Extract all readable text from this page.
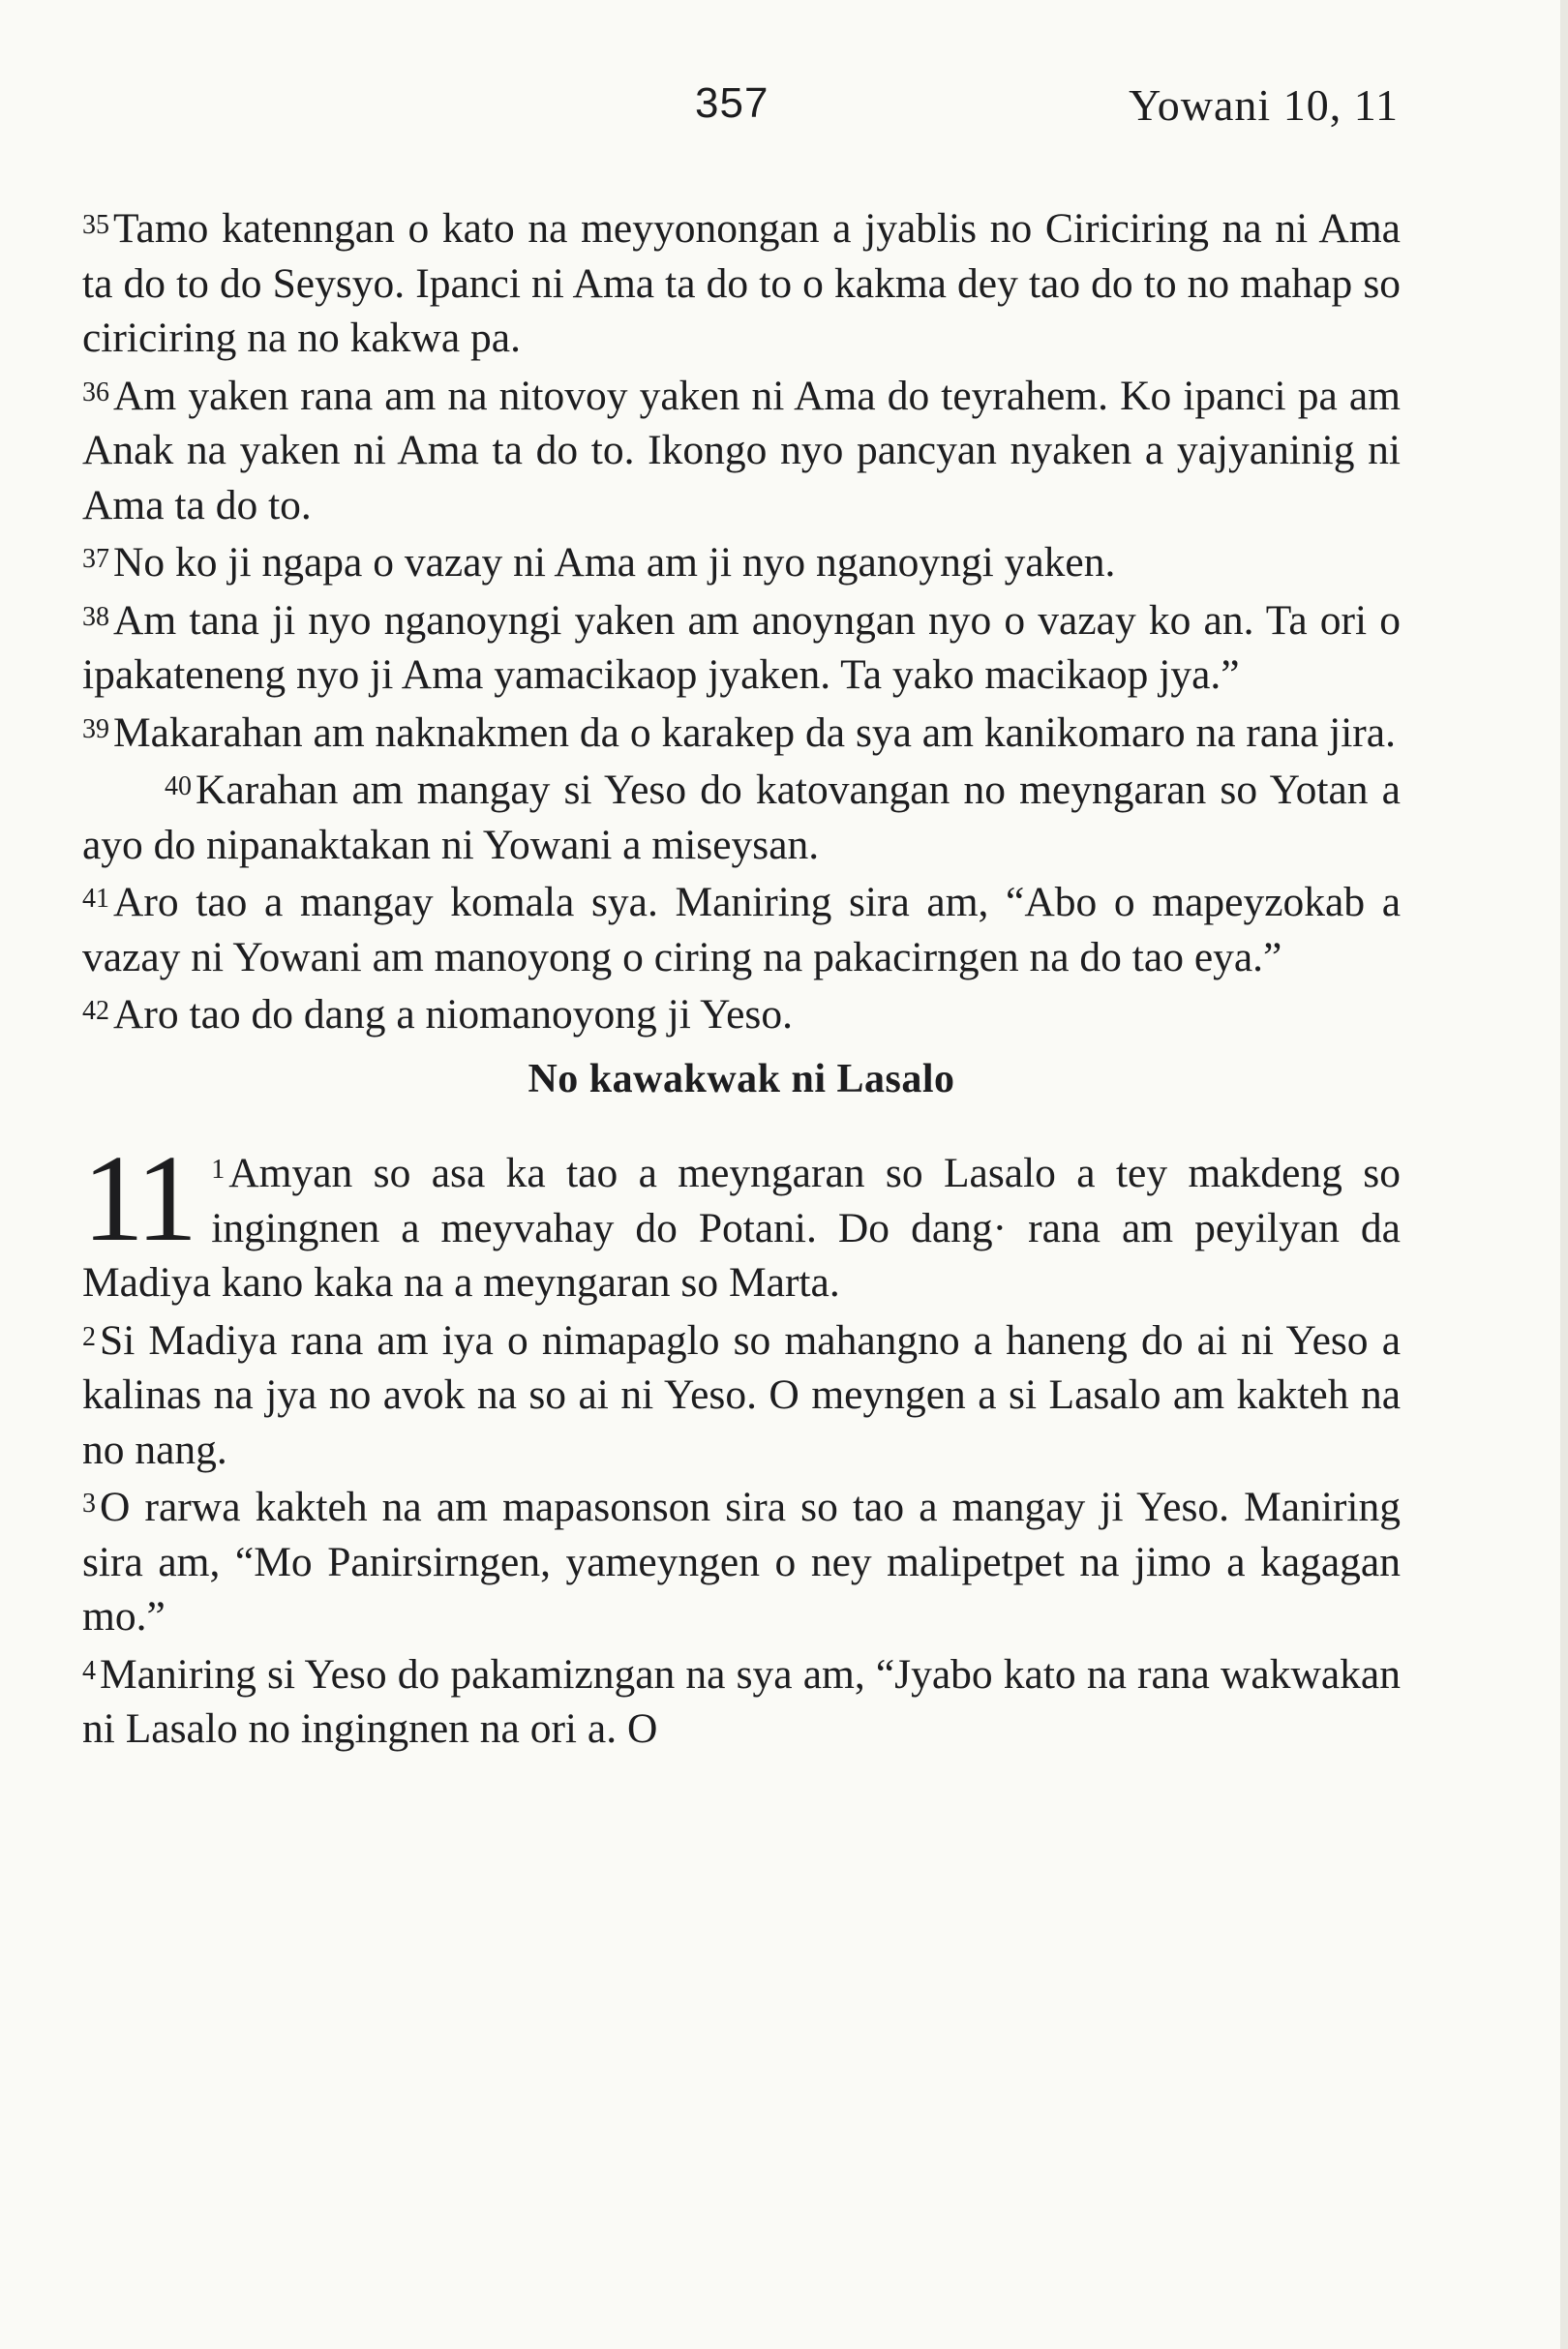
357	Yowani 10, 11

$^{35}$Tamo katenngan o kato na meyyonongan a jyablis no Ciriciring na ni Ama ta do to do Seysyo. Ipanci ni Ama ta do to o kakma dey tao do to no mahap so ciriciring na no kakwa pa.

$^{36}$Am yaken rana am na nitovoy yaken ni Ama do teyrahem. Ko ipanci pa am Anak na yaken ni Ama ta do to. Ikongo nyo pancyan nyaken a yajyaninig ni Ama ta do to.

$^{37}$No ko ji ngapa o vazay ni Ama am ji nyo nganoyngi yaken.

$^{38}$Am tana ji nyo nganoyngi yaken am anoyngan nyo o vazay ko an. Ta ori o ipakateneng nyo ji Ama yamacikaop jyaken. Ta yako macikaop jya.”

$^{39}$Makarahan am naknakmen da o karakep da sya am kanikomaro na rana jira.

$^{40}$Karahan am mangay si Yeso do katovangan no meyngaran so Yotan a ayo do nipanaktakan ni Yowani a miseysan.

$^{41}$Aro tao a mangay komala sya. Maniring sira am, “Abo o mapeyzokab a vazay ni Yowani am manoyong o ciring na pakacirngen na do tao eya.”

$^{42}$Aro tao do dang a niomanoyong ji Yeso.

No kawakwak ni Lasalo

11 $^1$Amyan so asa ka tao a meyngaran so Lasalo a tey makdeng so ingingnen a meyvahay do Potani. Do dang· rana am peyilyan da Madiya kano kaka na a meyngaran so Marta.

$^2$Si Madiya rana am iya o nimapaglo so mahangno a haneng do ai ni Yeso a kalinas na jya no avok na so ai ni Yeso. O meyngen a si Lasalo am kakteh na no nang.

$^3$O rarwa kakteh na am mapasonson sira so tao a mangay ji Yeso. Maniring sira am, “Mo Panirsirngen, yameyngen o ney malipetpet na jimo a kagagan mo.”

$^4$Maniring si Yeso do pakamizngan na sya am, “Jyabo kato na rana wakwakan ni Lasalo no ingingnen na ori a. O
